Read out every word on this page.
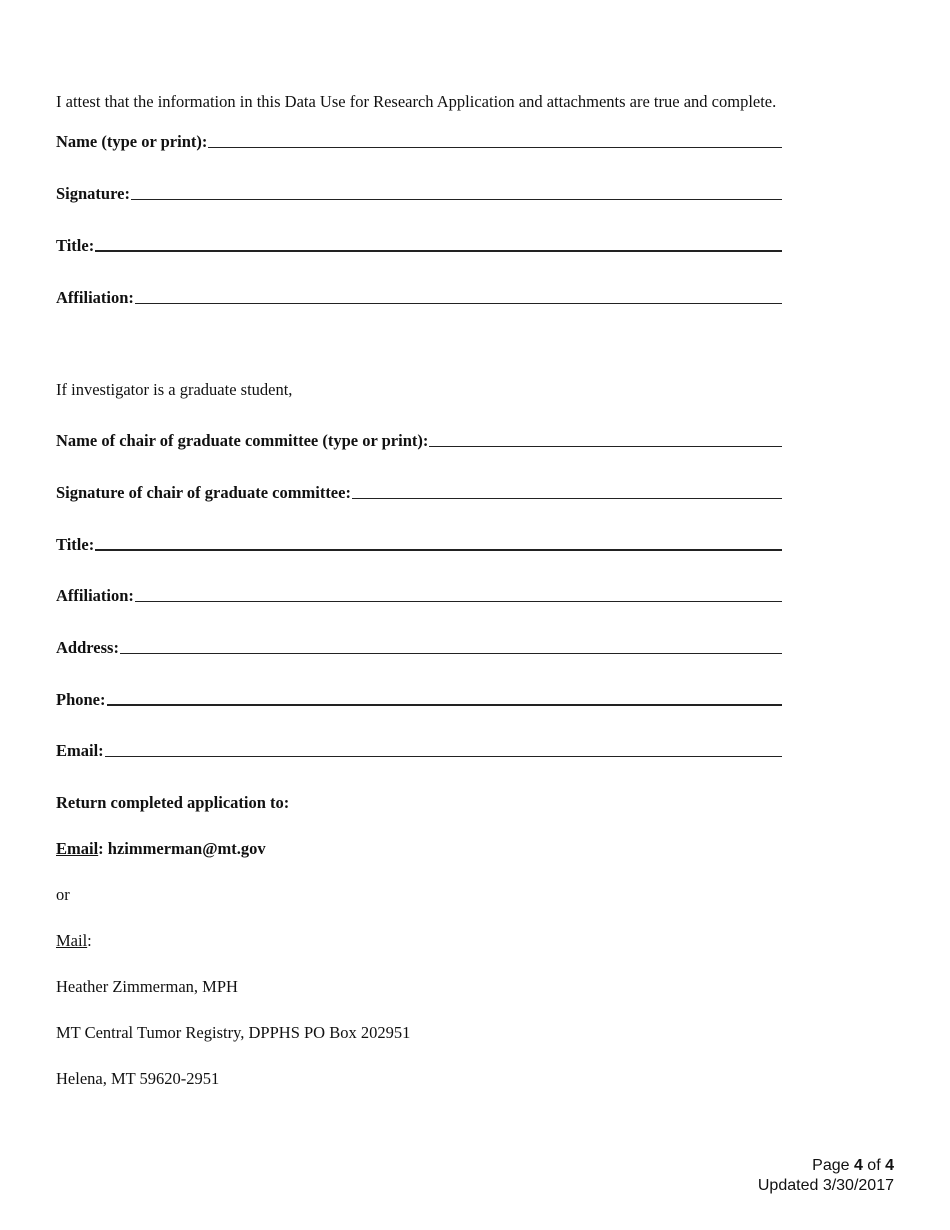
I attest that the information in this Data Use for Research Application and attachments are true and complete.
Name (type or print):
Signature:
Title:
Affiliation:
If investigator is a graduate student,
Name of chair of graduate committee (type or print):
Signature of chair of graduate committee:
Title:
Affiliation:
Address:
Phone:
Email:
Return completed application to:
Email: hzimmerman@mt.gov
or
Mail:
Heather Zimmerman, MPH
MT Central Tumor Registry, DPPHS PO Box 202951
Helena, MT 59620-2951
Page 4 of 4
Updated 3/30/2017
